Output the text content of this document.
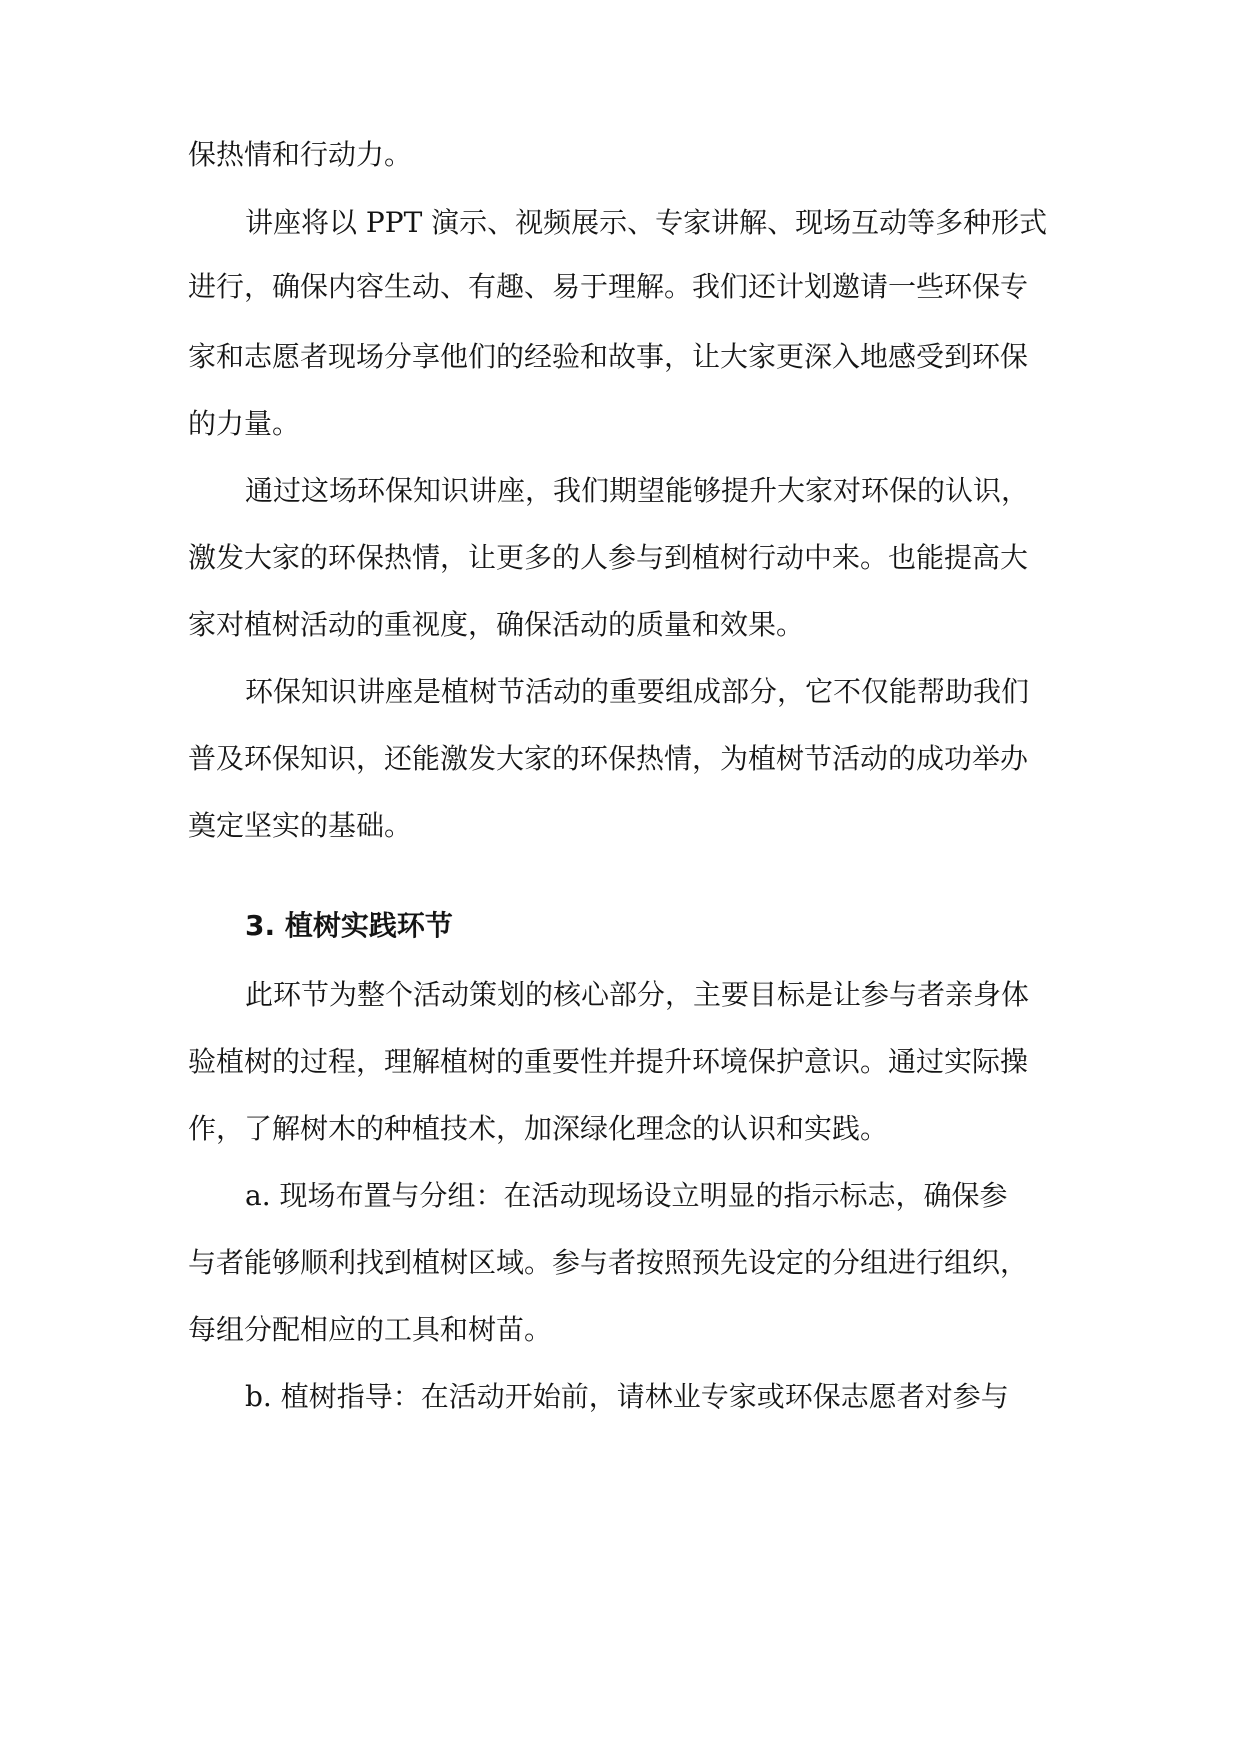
保热情和行动力。
讲座将以 PPT 演示、视频展示、专家讲解、现场互动等多种形式
进行，确保内容生动、有趣、易于理解。我们还计划邀请一些环保专
家和志愿者现场分享他们的经验和故事，让大家更深入地感受到环保
的力量。
通过这场环保知识讲座，我们期望能够提升大家对环保的认识，
激发大家的环保热情，让更多的人参与到植树行动中来。也能提高大
家对植树活动的重视度，确保活动的质量和效果。
环保知识讲座是植树节活动的重要组成部分，它不仅能帮助我们
普及环保知识，还能激发大家的环保热情，为植树节活动的成功举办
奠定坚实的基础。
3. 植树实践环节
此环节为整个活动策划的核心部分，主要目标是让参与者亲身体
验植树的过程，理解植树的重要性并提升环境保护意识。通过实际操
作，了解树木的种植技术，加深绿化理念的认识和实践。
a. 现场布置与分组：在活动现场设立明显的指示标志，确保参
与者能够顺利找到植树区域。参与者按照预先设定的分组进行组织，
每组分配相应的工具和树苗。
b. 植树指导：在活动开始前，请林业专家或环保志愿者对参与
